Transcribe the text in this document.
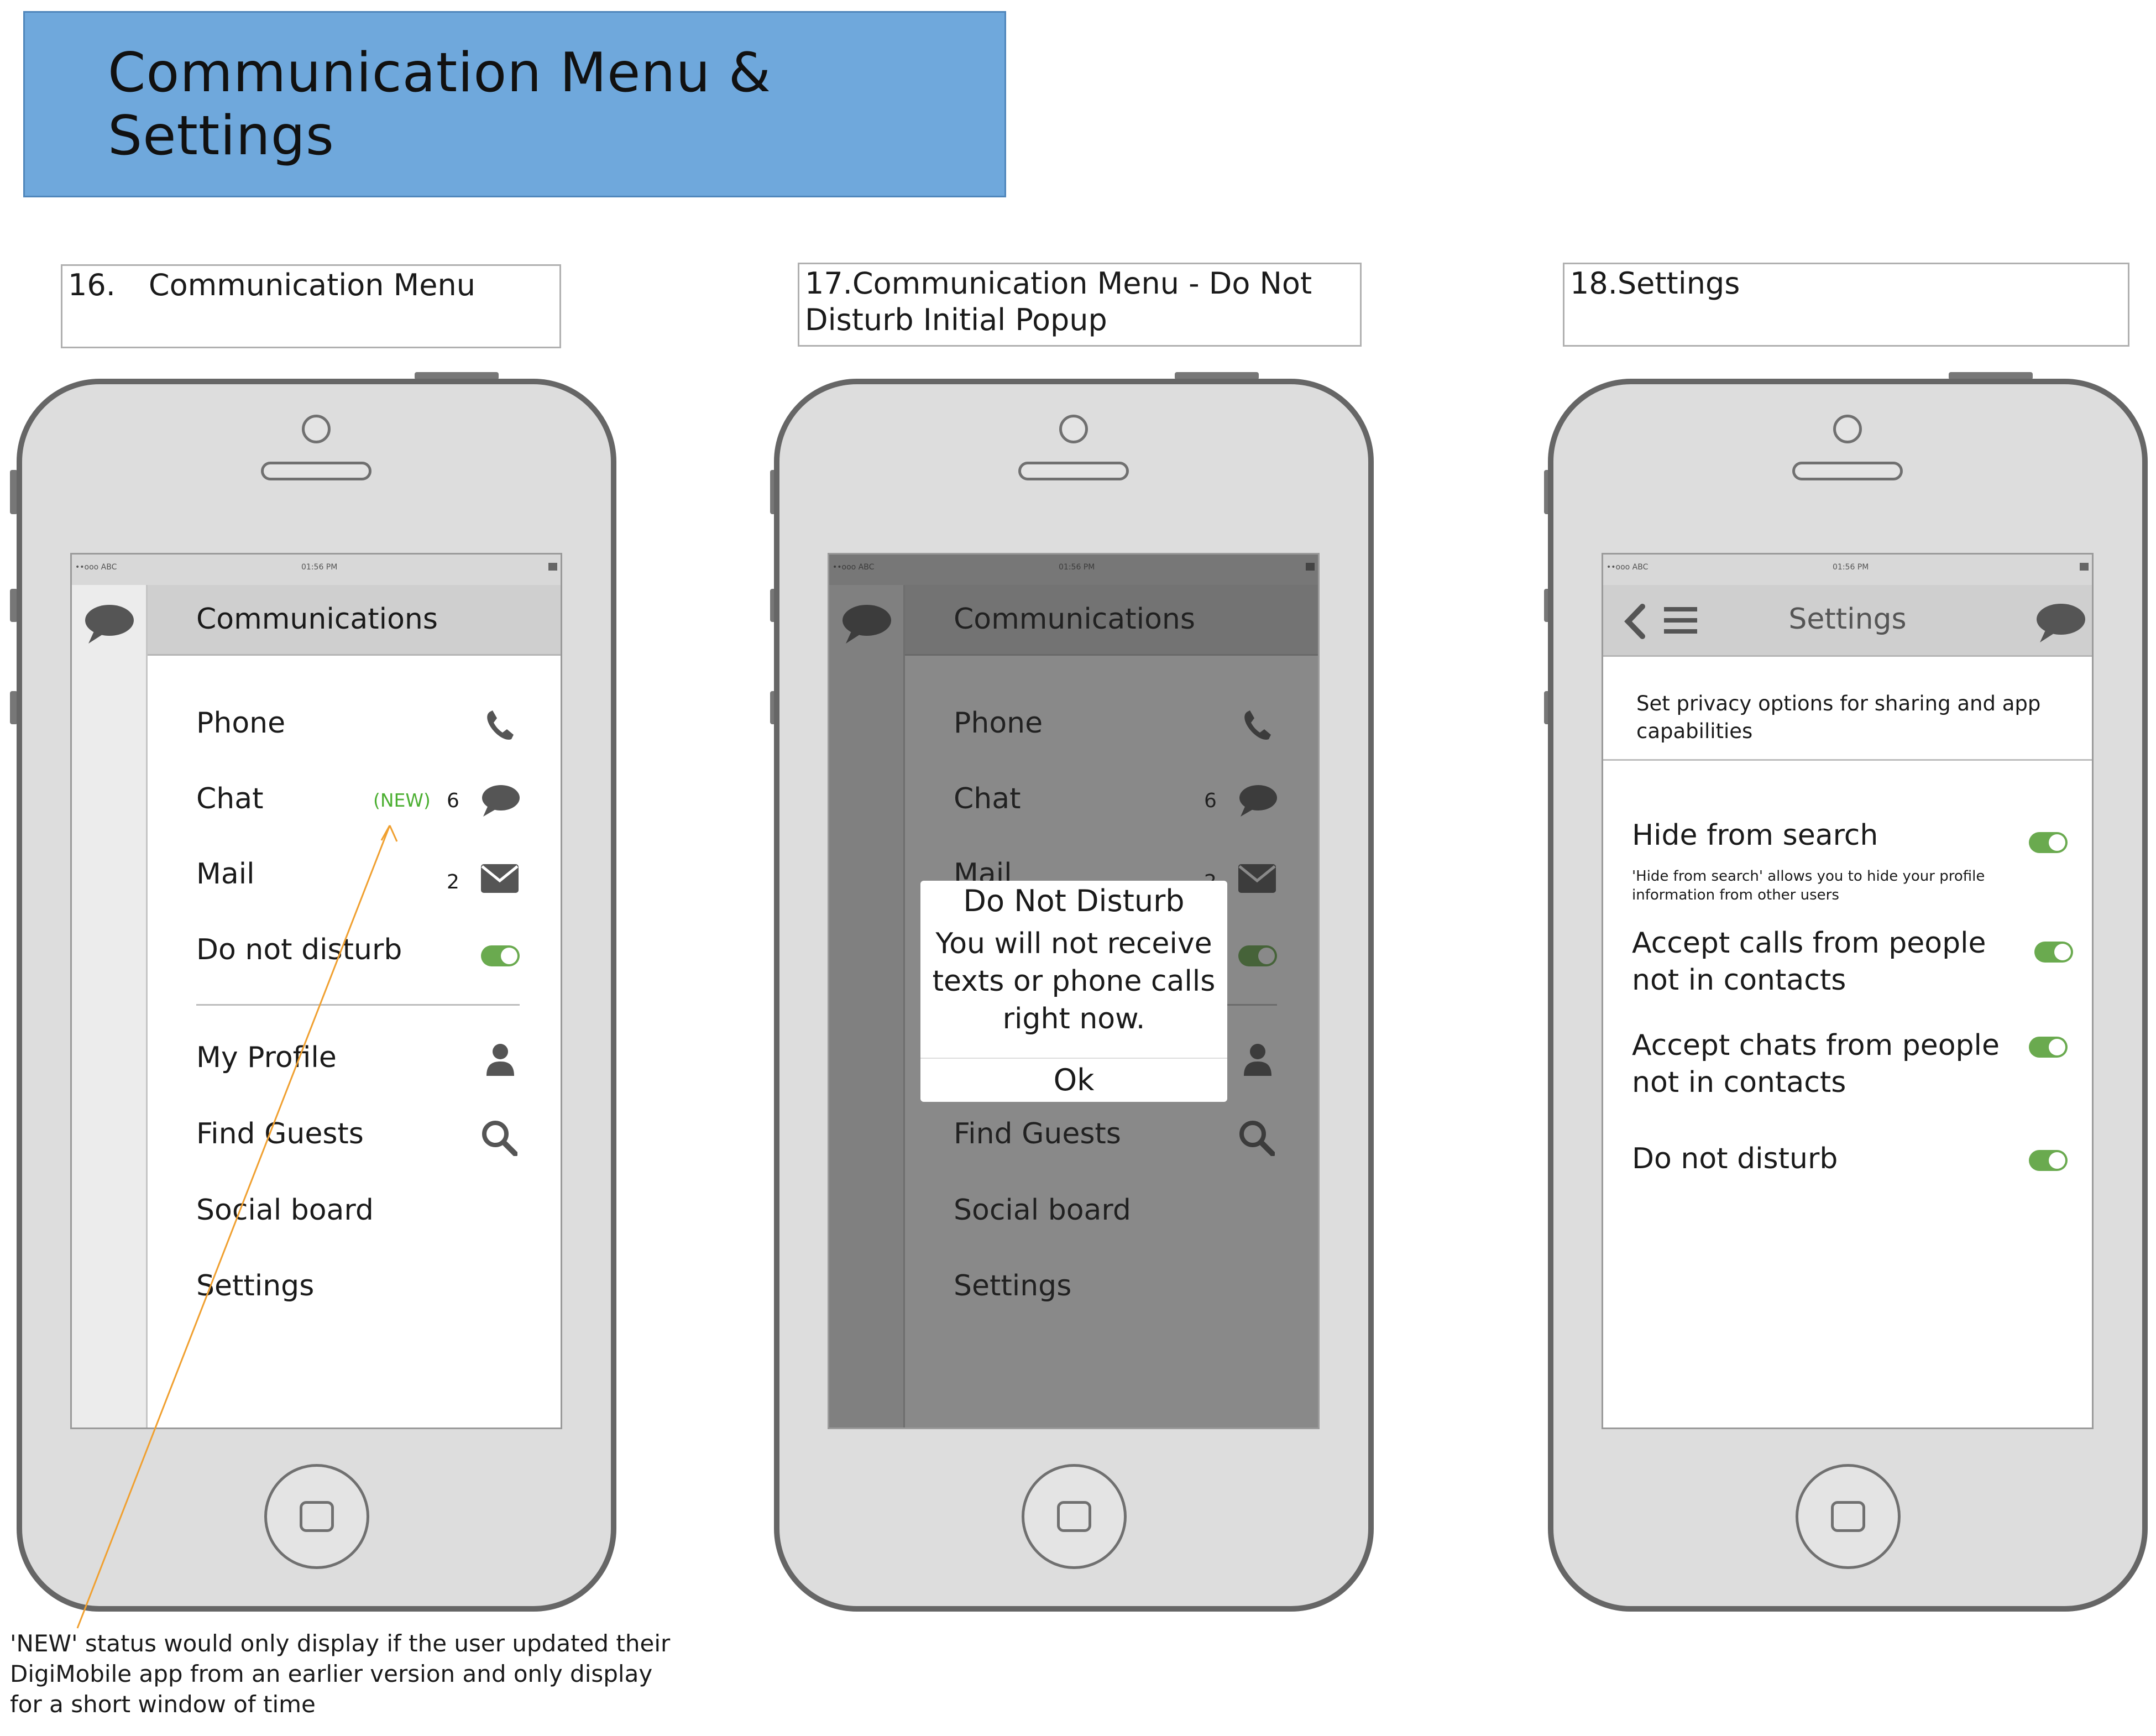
Communication Menu & Settings
16. Communication Menu	17.Communication Menu - Do Not Disturb Initial Popup
18.Settings
••ooo ABC	01:56 PM
Communications
Phone
Chat	(NEW) 6
Mail	2
Do not disturb
My Profile
Find Guests
Social board
Settings
'NEW' status would only display if the user updated their
DigiMobile app from an earlier version and only display
for a short window of time
Do Not Disturb
You will not receive
texts or phone calls
right now.
Ok
••ooo ABC	01:56 PM
Settings
Set privacy options for sharing and app capabilities
Hide from search
'Hide from search' allows you to hide your profile information from other users
Accept calls from people
not in contacts
Accept chats from people
not in contacts
Do not disturb
